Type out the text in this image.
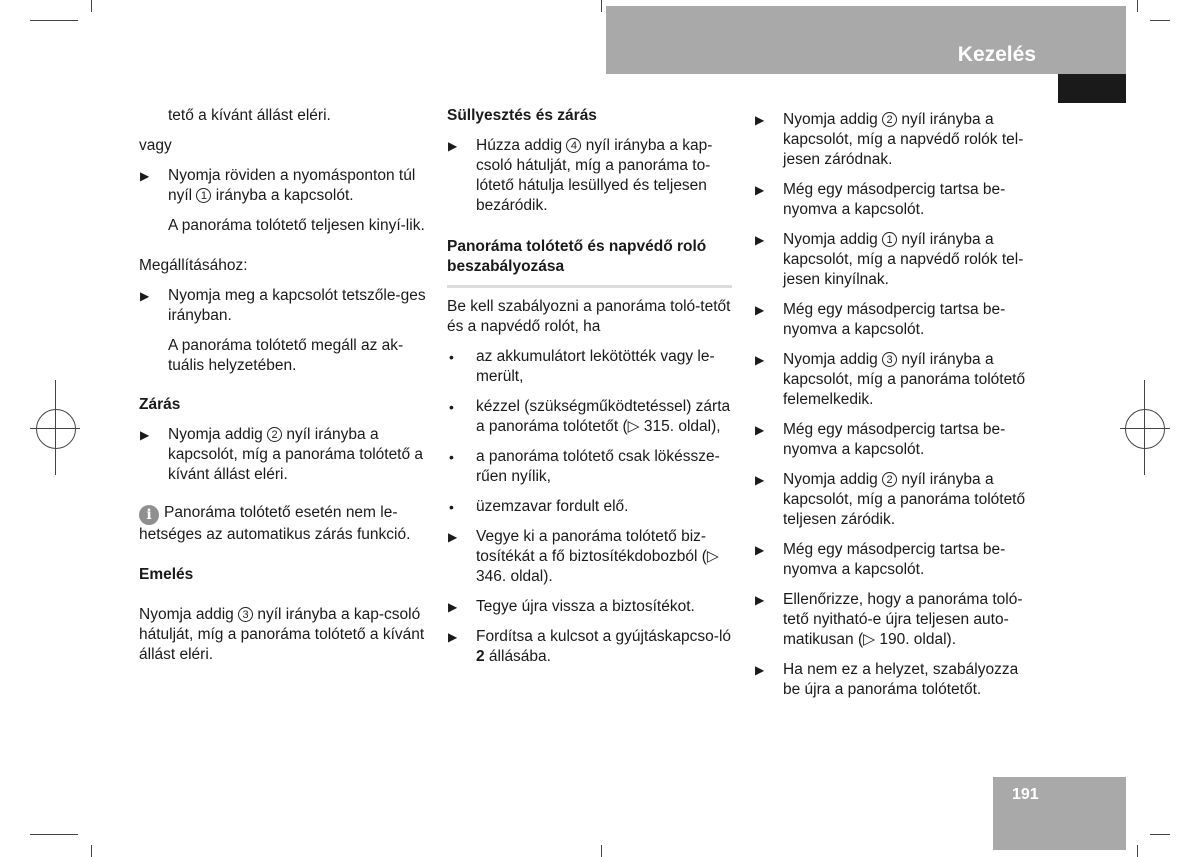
Kezelés

tető a kívánt állást eléri.

vagy

▶ Nyomja röviden a nyomásponton túl nyíl 1 irányba a kapcsolót.

A panoráma tolótető teljesen kinyí-lik.

Megállításához:

▶ Nyomja meg a kapcsolót tetszőle-ges irányban.

A panoráma tolótető megáll az ak-tuális helyzetében.

Zárás

▶ Nyomja addig 2 nyíl irányba a kapcsolót, míg a panoráma tolótető a kívánt állást eléri.

i Panoráma tolótető esetén nem le-hetséges az automatikus zárás funkció.

Emelés

Nyomja addig 3 nyíl irányba a kap-csoló hátulját, míg a panoráma tolótető a kívánt állást eléri.

Süllyesztés és zárás

▶ Húzza addig 4 nyíl irányba a kap-csoló hátulját, míg a panoráma to-lótető hátulja lesüllyed és teljesen bezáródik.

Panoráma tolótető és napvédő roló beszabályozása

Be kell szabályozni a panoráma toló-tetőt és a napvédő rolót, ha

• az akkumulátort lekötötték vagy le-merült,
• kézzel (szükségműködtetéssel) zárta a panoráma tolótetőt (▷ 315. oldal),
• a panoráma tolótető csak lökéssze-rűen nyílik,
• üzemzavar fordult elő.
▶ Vegye ki a panoráma tolótető biz-tosítékát a fő biztosítékdobozból (▷ 346. oldal).
▶ Tegye újra vissza a biztosítékot.
▶ Fordítsa a kulcsot a gyújtáskapcso-ló 2 állásába.
▶ Nyomja addig 2 nyíl irányba a kapcsolót, míg a napvédő rolók tel-jesen záródnak.
▶ Még egy másodpercig tartsa be-nyomva a kapcsolót.
▶ Nyomja addig 1 nyíl irányba a kapcsolót, míg a napvédő rolók tel-jesen kinyílnak.
▶ Még egy másodpercig tartsa be-nyomva a kapcsolót.
▶ Nyomja addig 3 nyíl irányba a kapcsolót, míg a panoráma tolótető felemelkedik.
▶ Még egy másodpercig tartsa be-nyomva a kapcsolót.
▶ Nyomja addig 2 nyíl irányba a kapcsolót, míg a panoráma tolótető teljesen záródik.
▶ Még egy másodpercig tartsa be-nyomva a kapcsolót.
▶ Ellenőrizze, hogy a panoráma toló-tető nyitható-e újra teljesen auto-matikusan (▷ 190. oldal).
▶ Ha nem ez a helyzet, szabályozza be újra a panoráma tolótetőt.
191
